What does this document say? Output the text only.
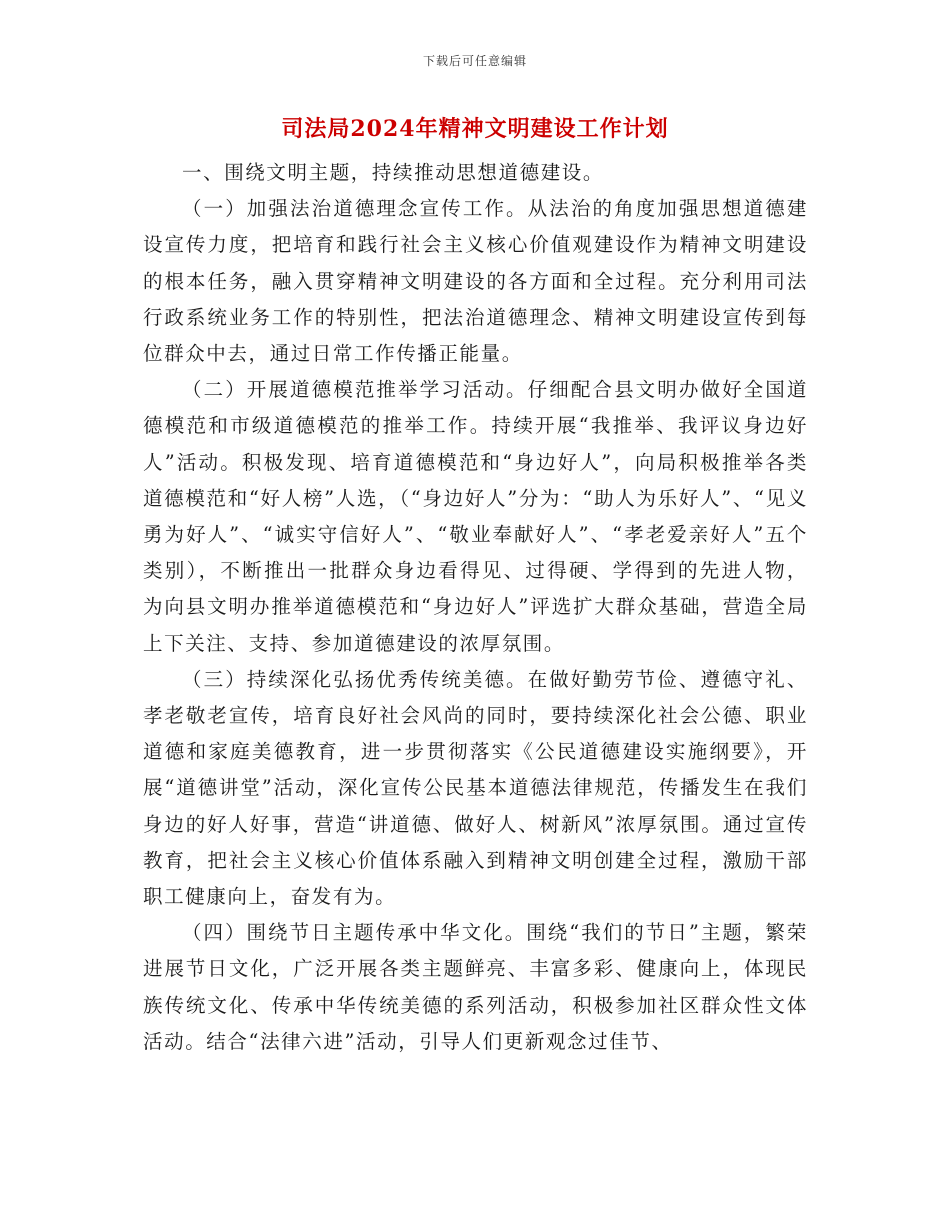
下载后可任意编辑
司法局2024年精神文明建设工作计划

一、围绕文明主题，持续推动思想道德建设。

（一）加强法治道德理念宣传工作。从法治的角度加强思想道德建设宣传力度，把培育和践行社会主义核心价值观建设作为精神文明建设的根本任务，融入贯穿精神文明建设的各方面和全过程。充分利用司法行政系统业务工作的特别性，把法治道德理念、精神文明建设宣传到每位群众中去，通过日常工作传播正能量。

（二）开展道德模范推举学习活动。仔细配合县文明办做好全国道德模范和市级道德模范的推举工作。持续开展“我推举、我评议身边好人”活动。积极发现、培育道德模范和“身边好人”，向局积极推举各类道德模范和“好人榜”人选，（“身边好人”分为：“助人为乐好人”、“见义勇为好人”、“诚实守信好人”、“敬业奉献好人”、“孝老爱亲好人”五个类别），不断推出一批群众身边看得见、过得硬、学得到的先进人物，为向县文明办推举道德模范和“身边好人”评选扩大群众基础，营造全局上下关注、支持、参加道德建设的浓厚氛围。

（三）持续深化弘扬优秀传统美德。在做好勤劳节俭、遵德守礼、孝老敬老宣传，培育良好社会风尚的同时，要持续深化社会公德、职业道德和家庭美德教育，进一步贯彻落实《公民道德建设实施纲要》，开展“道德讲堂”活动，深化宣传公民基本道德法律规范，传播发生在我们身边的好人好事，营造“讲道德、做好人、树新风”浓厚氛围。通过宣传教育，把社会主义核心价值体系融入到精神文明创建全过程，激励干部职工健康向上，奋发有为。

（四）围绕节日主题传承中华文化。围绕“我们的节日”主题，繁荣进展节日文化，广泛开展各类主题鲜亮、丰富多彩、健康向上，体现民族传统文化、传承中华传统美德的系列活动，积极参加社区群众性文体活动。结合“法律六进”活动，引导人们更新观念过佳节、
